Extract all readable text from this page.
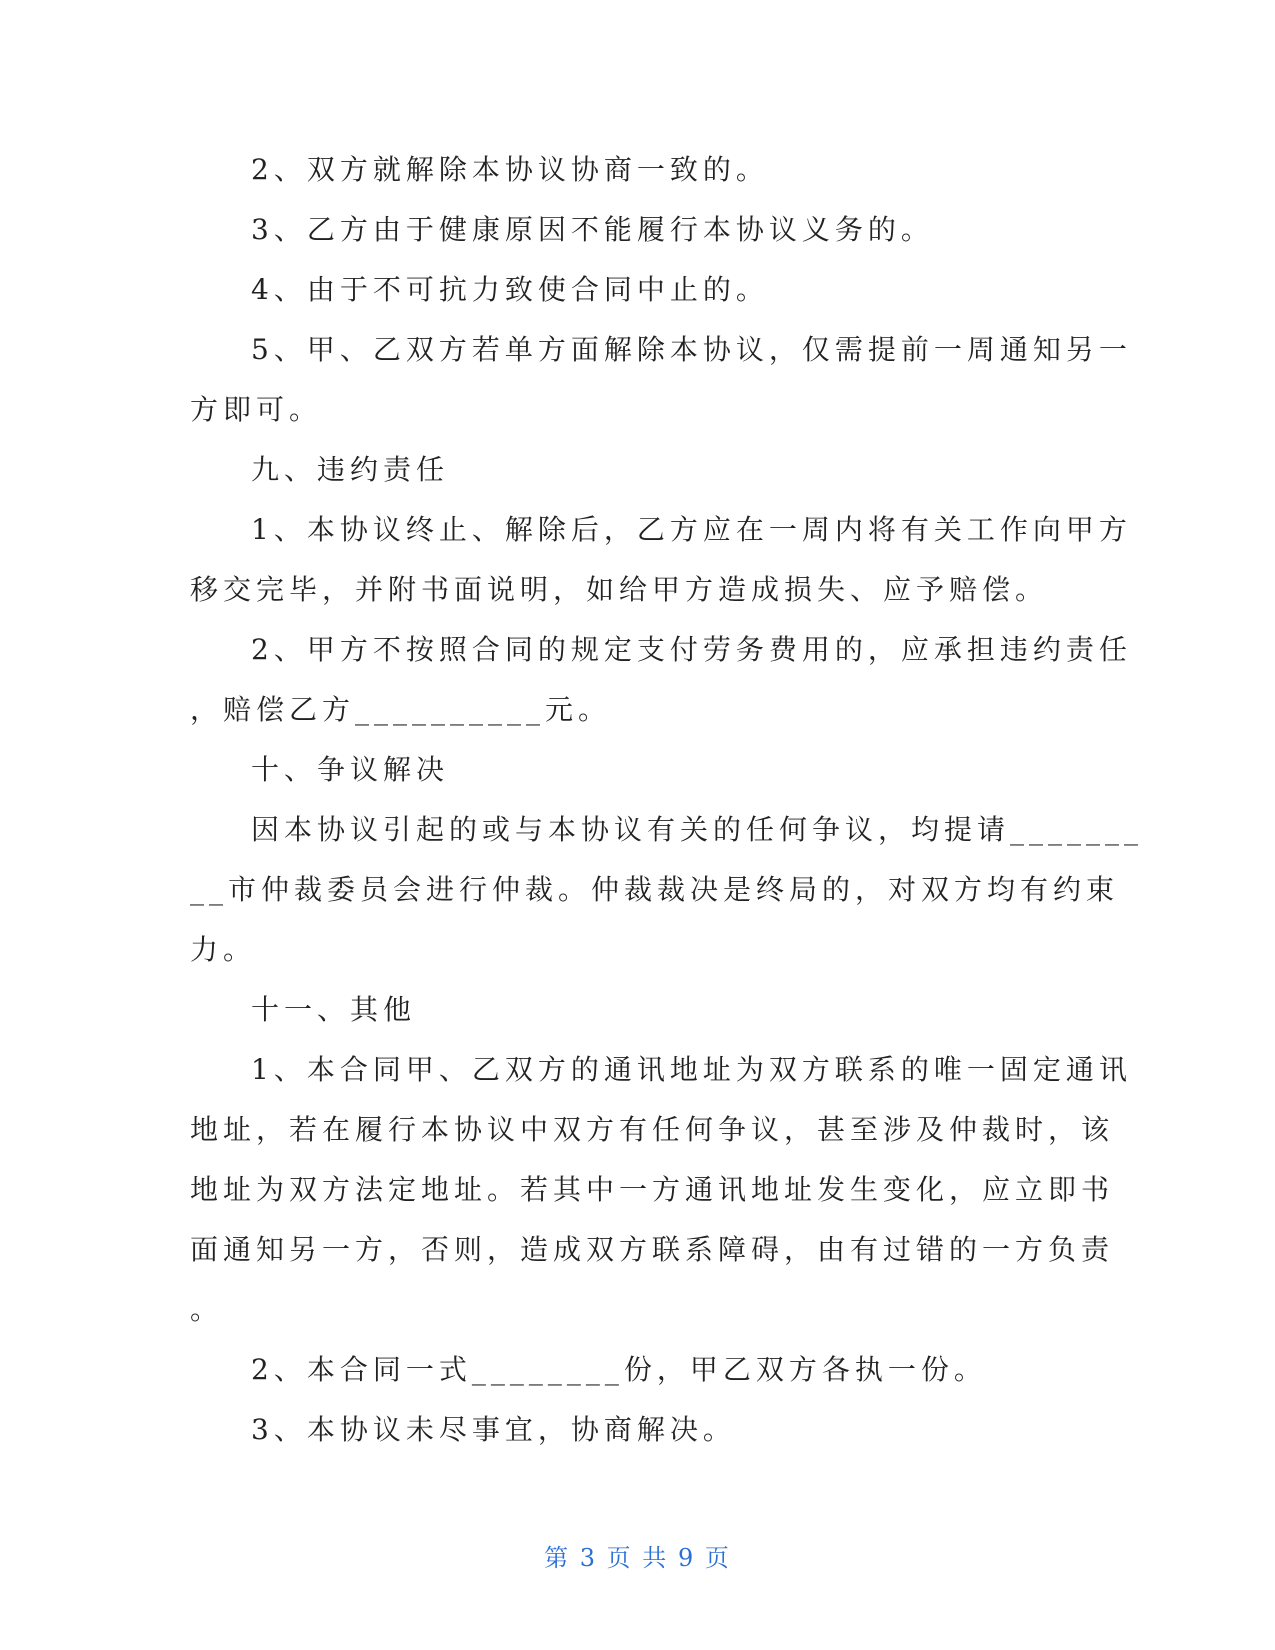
2、双方就解除本协议协商一致的。
3、乙方由于健康原因不能履行本协议义务的。
4、由于不可抗力致使合同中止的。
5、甲、乙双方若单方面解除本协议，仅需提前一周通知另一
方即可。
九、违约责任
1、本协议终止、解除后，乙方应在一周内将有关工作向甲方
移交完毕，并附书面说明，如给甲方造成损失、应予赔偿。
2、甲方不按照合同的规定支付劳务费用的，应承担违约责任
，赔偿乙方__________元。
十、争议解决
因本协议引起的或与本协议有关的任何争议，均提请_______
__市仲裁委员会进行仲裁。仲裁裁决是终局的，对双方均有约束
力。
十一、其他
1、本合同甲、乙双方的通讯地址为双方联系的唯一固定通讯
地址，若在履行本协议中双方有任何争议，甚至涉及仲裁时，该
地址为双方法定地址。若其中一方通讯地址发生变化，应立即书
面通知另一方，否则，造成双方联系障碍，由有过错的一方负责
。
2、本合同一式________份，甲乙双方各执一份。
3、本协议未尽事宜，协商解决。
第 3 页 共 9 页
